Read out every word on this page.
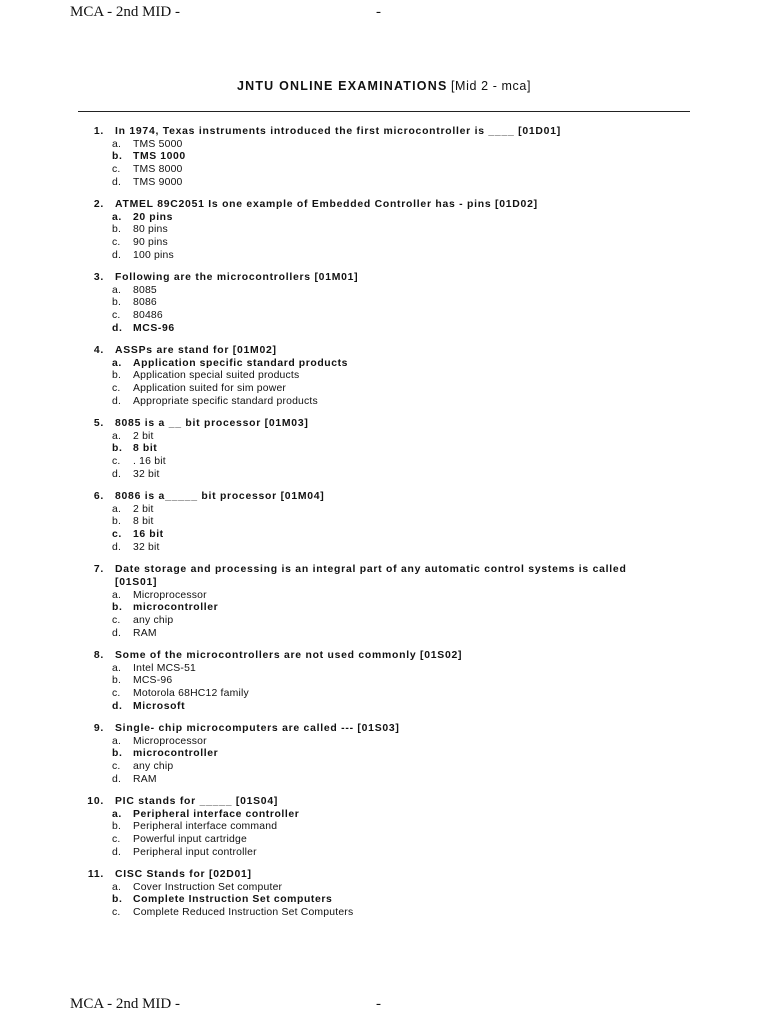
MCA - 2nd MID -	-
JNTU ONLINE EXAMINATIONS [Mid 2 - mca]
1. In 1974, Texas instruments introduced the first microcontroller is ____ [01D01]
a. TMS 5000
b. TMS 1000
c. TMS 8000
d. TMS 9000
2. ATMEL 89C2051 Is one example of Embedded Controller has - pins [01D02]
a. 20 pins
b. 80 pins
c. 90 pins
d. 100 pins
3. Following are the microcontrollers [01M01]
a. 8085
b. 8086
c. 80486
d. MCS-96
4. ASSPs are stand for [01M02]
a. Application specific standard products
b. Application special suited products
c. Application suited for sim power
d. Appropriate specific standard products
5. 8085 is a __ bit processor [01M03]
a. 2 bit
b. 8 bit
c. . 16 bit
d. 32 bit
6. 8086 is a_____ bit processor [01M04]
a. 2 bit
b. 8 bit
c. 16 bit
d. 32 bit
7. Date storage and processing is an integral part of any automatic control systems is called [01S01]
a. Microprocessor
b. microcontroller
c. any chip
d. RAM
8. Some of the microcontrollers are not used commonly [01S02]
a. Intel MCS-51
b. MCS-96
c. Motorola 68HC12 family
d. Microsoft
9. Single- chip microcomputers are called --- [01S03]
a. Microprocessor
b. microcontroller
c. any chip
d. RAM
10. PIC stands for _____ [01S04]
a. Peripheral interface controller
b. Peripheral interface command
c. Powerful input cartridge
d. Peripheral input controller
11. CISC Stands for [02D01]
a. Cover Instruction Set computer
b. Complete Instruction Set computers
c. Complete Reduced Instruction Set Computers
MCA - 2nd MID -	-
